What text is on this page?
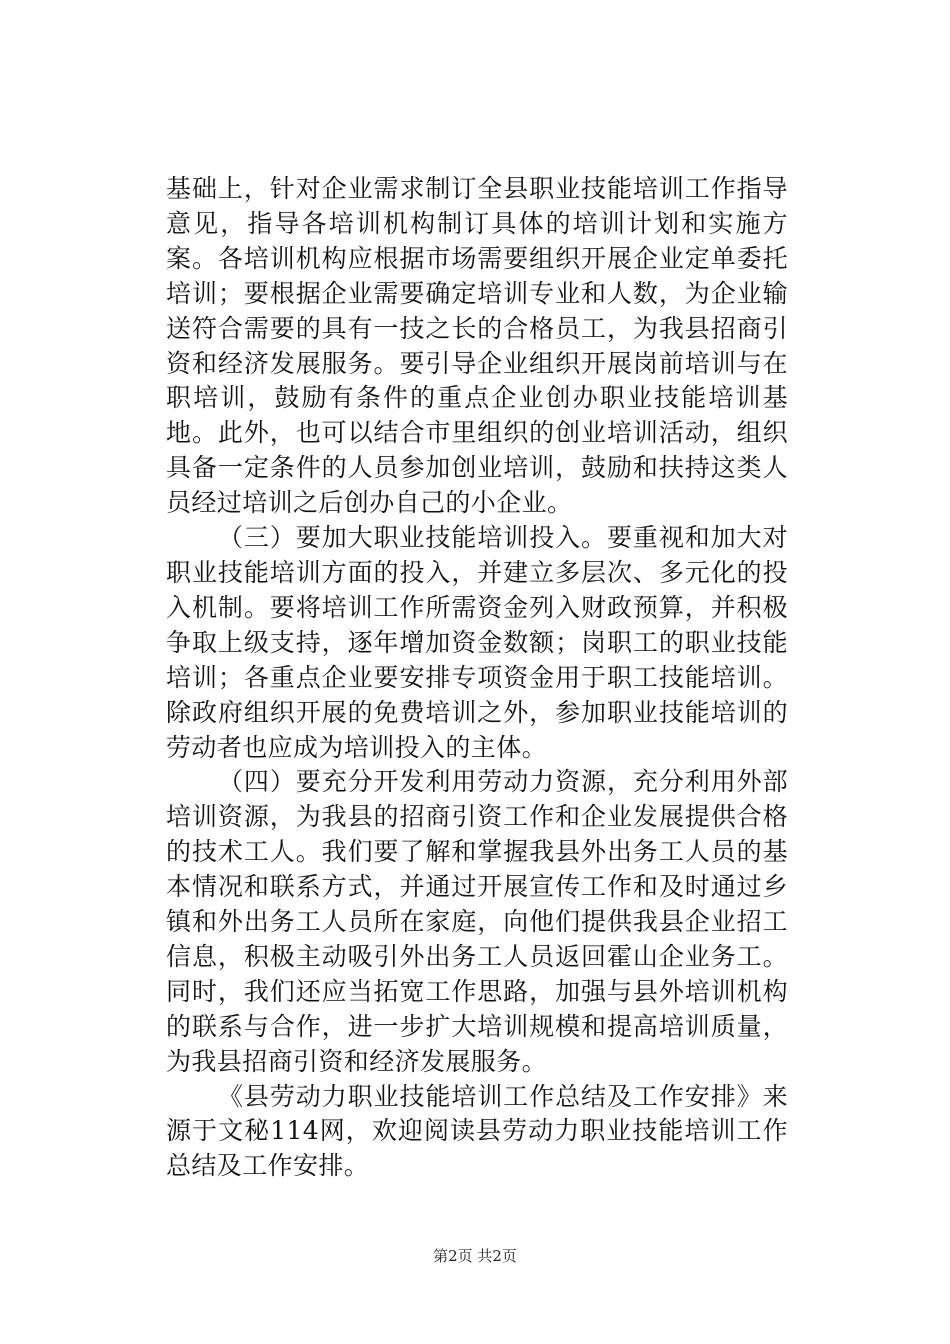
基础上，针对企业需求制订全县职业技能培训工作指导意见，指导各培训机构制订具体的培训计划和实施方案。各培训机构应根据市场需要组织开展企业定单委托培训；要根据企业需要确定培训专业和人数，为企业输送符合需要的具有一技之长的合格员工，为我县招商引资和经济发展服务。要引导企业组织开展岗前培训与在职培训，鼓励有条件的重点企业创办职业技能培训基地。此外，也可以结合市里组织的创业培训活动，组织具备一定条件的人员参加创业培训，鼓励和扶持这类人员经过培训之后创办自己的小企业。

（三）要加大职业技能培训投入。要重视和加大对职业技能培训方面的投入，并建立多层次、多元化的投入机制。要将培训工作所需资金列入财政预算，并积极争取上级支持，逐年增加资金数额；岗职工的职业技能培训；各重点企业要安排专项资金用于职工技能培训。除政府组织开展的免费培训之外，参加职业技能培训的劳动者也应成为培训投入的主体。

（四）要充分开发利用劳动力资源，充分利用外部培训资源，为我县的招商引资工作和企业发展提供合格的技术工人。我们要了解和掌握我县外出务工人员的基本情况和联系方式，并通过开展宣传工作和及时通过乡镇和外出务工人员所在家庭，向他们提供我县企业招工信息，积极主动吸引外出务工人员返回霍山企业务工。同时，我们还应当拓宽工作思路，加强与县外培训机构的联系与合作，进一步扩大培训规模和提高培训质量，为我县招商引资和经济发展服务。

《县劳动力职业技能培训工作总结及工作安排》来源于文秘114网，欢迎阅读县劳动力职业技能培训工作总结及工作安排。

第2页 共2页
